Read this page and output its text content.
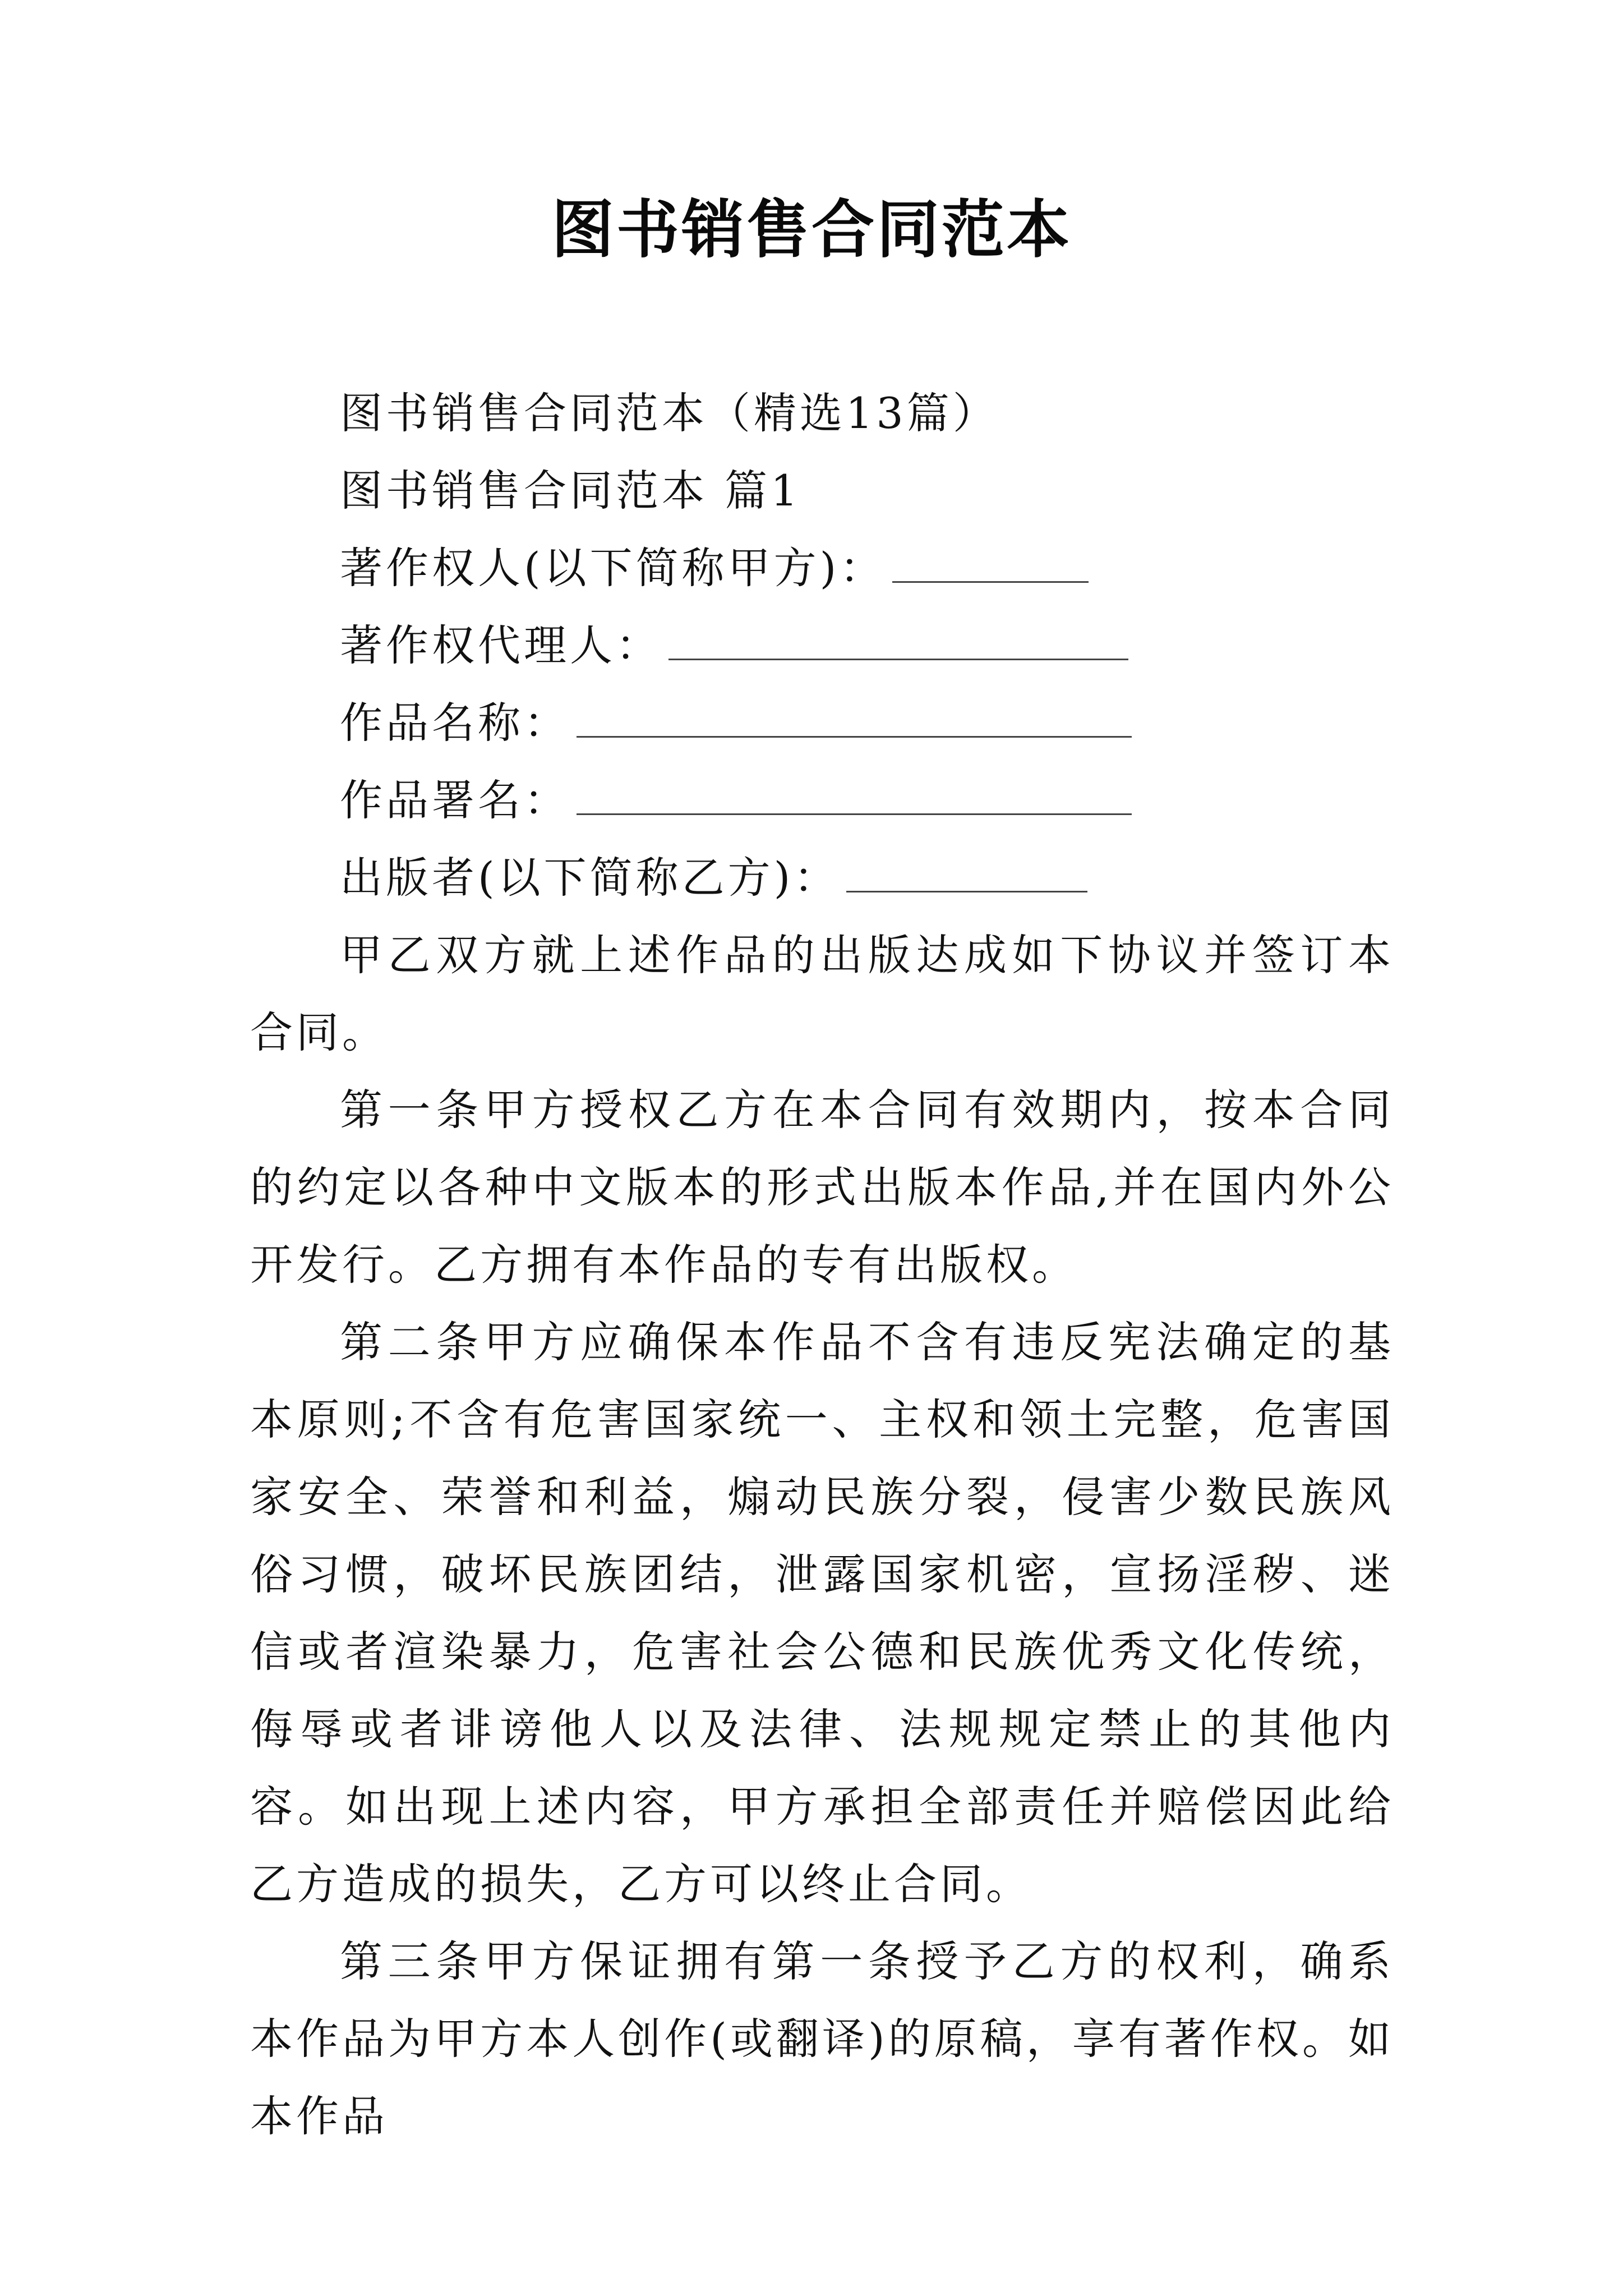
图书销售合同范本

图书销售合同范本（精选13篇）

图书销售合同范本 篇1

著作权人(以下简称甲方)：

著作权代理人：

作品名称：

作品署名：

出版者(以下简称乙方)：

甲乙双方就上述作品的出版达成如下协议并签订本合同。

第一条甲方授权乙方在本合同有效期内，按本合同的约定以各种中文版本的形式出版本作品,并在国内外公开发行。乙方拥有本作品的专有出版权。

第二条甲方应确保本作品不含有违反宪法确定的基本原则;不含有危害国家统一、主权和领土完整，危害国家安全、荣誉和利益，煽动民族分裂，侵害少数民族风俗习惯，破坏民族团结，泄露国家机密，宣扬淫秽、迷信或者渲染暴力，危害社会公德和民族优秀文化传统，侮辱或者诽谤他人以及法律、法规规定禁止的其他内容。如出现上述内容，甲方承担全部责任并赔偿因此给乙方造成的损失，乙方可以终止合同。

第三条甲方保证拥有第一条授予乙方的权利，确系本作品为甲方本人创作(或翻译)的原稿，享有著作权。如本作品
